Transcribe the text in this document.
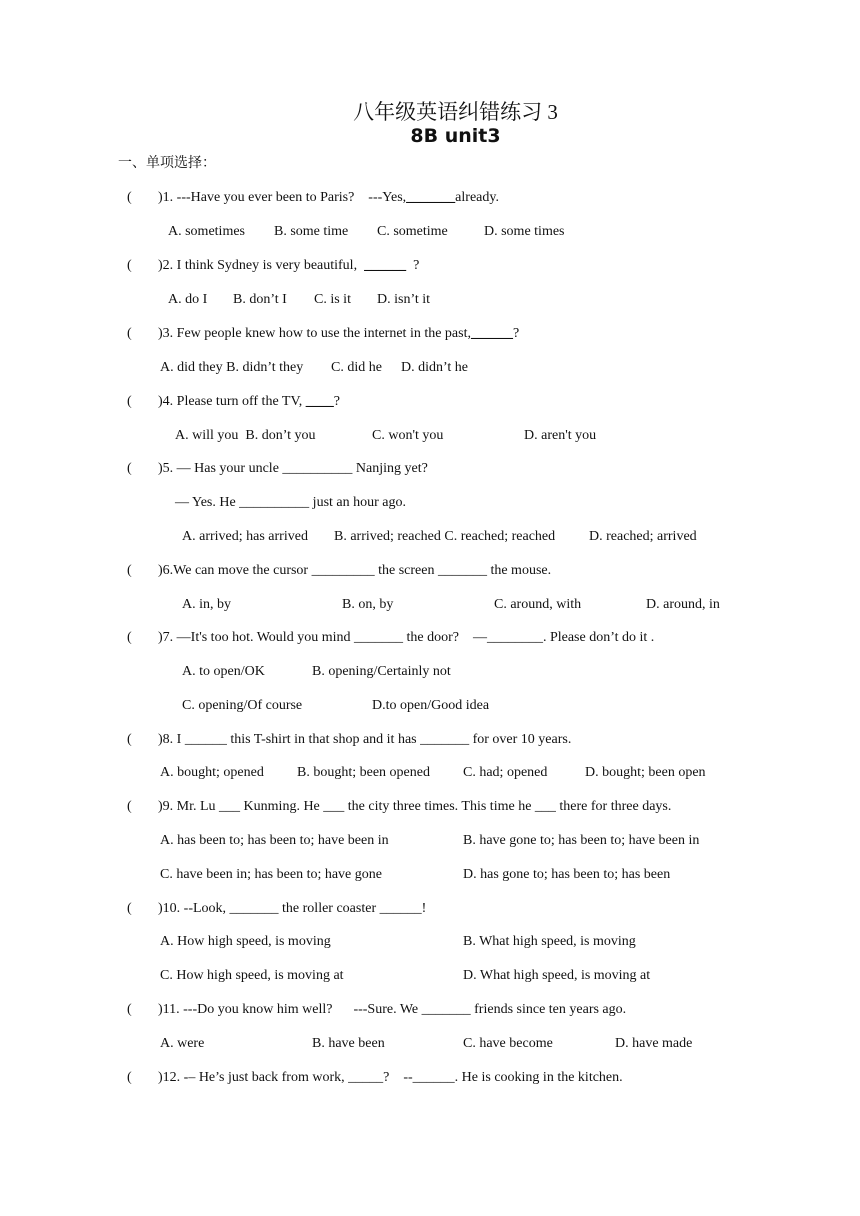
八年级英语纠错练习 3
8B unit3
一、单项选择：
( )1. ---Have you ever been to Paris?    ---Yes,_______already.
A. sometimes B. some time C. sometime	D. some times
( )2. I think Sydney is very beautiful,  ______  ?
A. do I B. don’t I C. is it D. isn’t it
( )3. Few people knew how to use the internet in the past,______?
A. did they B. didn’t they C. did he D. didn’t he
( )4. Please turn off the TV, ____?
A. will you  B. don’t you	C. won't you	D. aren't you
( )5. — Has your uncle __________ Nanjing yet?
— Yes. He __________ just an hour ago.
A. arrived; has arrived B. arrived; reached C. reached; reached D. reached; arrived
( )6.We can move the cursor _________ the screen _______ the mouse.
A. in, by	B. on, by	C. around, with	D. around, in
( )7. —It's too hot. Would you mind _______ the door?    —________. Please don’t do it .
A. to open/OK	B. opening/Certainly not
C. opening/Of course	D.to open/Good idea
( )8. I ______ this T-shirt in that shop and it has _______ for over 10 years.
A. bought; opened B. bought; been opened C. had; opened	D. bought; been open
( )9. Mr. Lu ___ Kunming. He ___ the city three times. This time he ___ there for three days.
A. has been to; has been to; have been in	B. have gone to; has been to; have been in
C. have been in; has been to; have gone	D. has gone to; has been to; has been
( )10. --Look, _______ the roller coaster ______!
A. How high speed, is moving	B. What high speed, is moving
C. How high speed, is moving at	D. What high speed, is moving at
( )11. ---Do you know him well?      ---Sure. We _______ friends since ten years ago.
A. were	B. have been	C. have become	D. have made
( )12. -– He’s just back from work, _____?    --______. He is cooking in the kitchen.
